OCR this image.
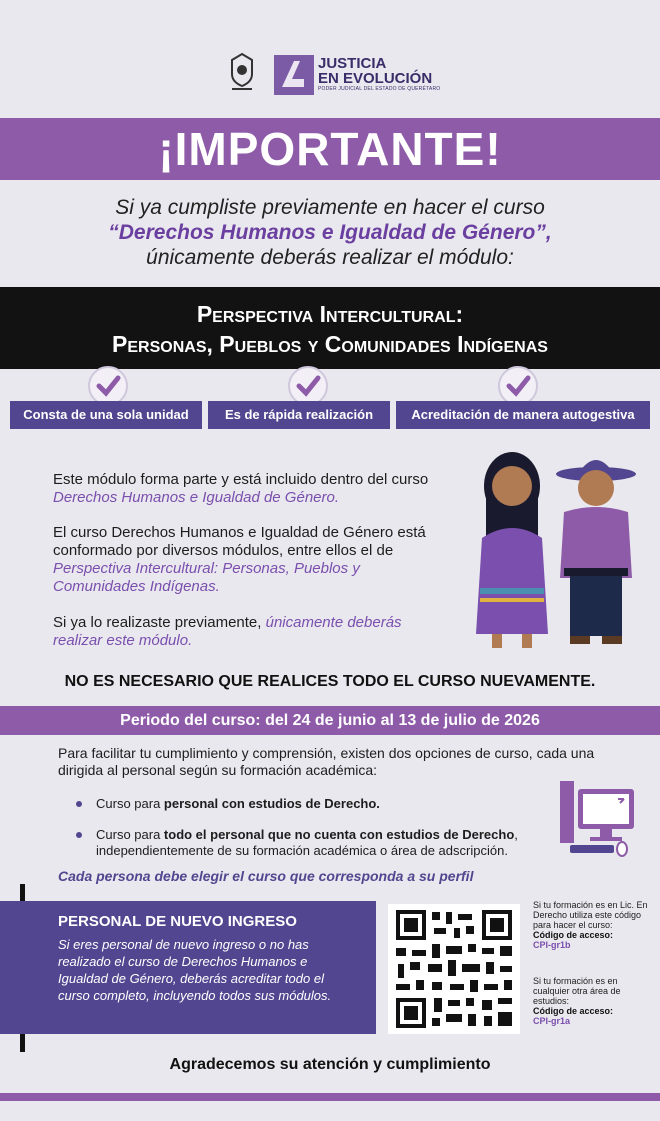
JUSTICIA
EN EVOLUCIÓN
PODER JUDICIAL DEL ESTADO DE QUERÉTARO
¡IMPORTANTE!
Si ya cumpliste previamente en hacer el curso
“Derechos Humanos e Igualdad de Género”,
únicamente deberás realizar el módulo:
Perspectiva Intercultural:
Personas, Pueblos y Comunidades Indígenas
Consta de una sola unidad	Es de rápida realización	Acreditación de manera autogestiva
Este módulo forma parte y está incluido dentro del curso Derechos Humanos e Igualdad de Género.
El curso Derechos Humanos e Igualdad de Género está conformado por diversos módulos, entre ellos el de Perspectiva Intercultural: Personas, Pueblos y Comunidades Indígenas.
Si ya lo realizaste previamente, únicamente deberás realizar este módulo.
NO ES NECESARIO QUE REALICES TODO EL CURSO NUEVAMENTE.
Periodo del curso: del 24 de junio al 13 de julio de 2026
Para facilitar tu cumplimiento y comprensión, existen dos opciones de curso, cada una dirigida al personal según su formación académica:
Curso para personal con estudios de Derecho.
Curso para todo el personal que no cuenta con estudios de Derecho, independientemente de su formación académica o área de adscripción.
Cada persona debe elegir el curso que corresponda a su perfil
PERSONAL DE NUEVO INGRESO
Si eres personal de nuevo ingreso o no has realizado el curso de Derechos Humanos e Igualdad de Género, deberás acreditar todo el curso completo, incluyendo todos sus módulos.
Si tu formación es en Lic. En Derecho utiliza este código para hacer el curso:
Código de acceso:
CPI-gr1b
Si tu formación es en cualquier otra área de estudios:
Código de acceso:
CPI-gr1a
Agradecemos su atención y cumplimiento
